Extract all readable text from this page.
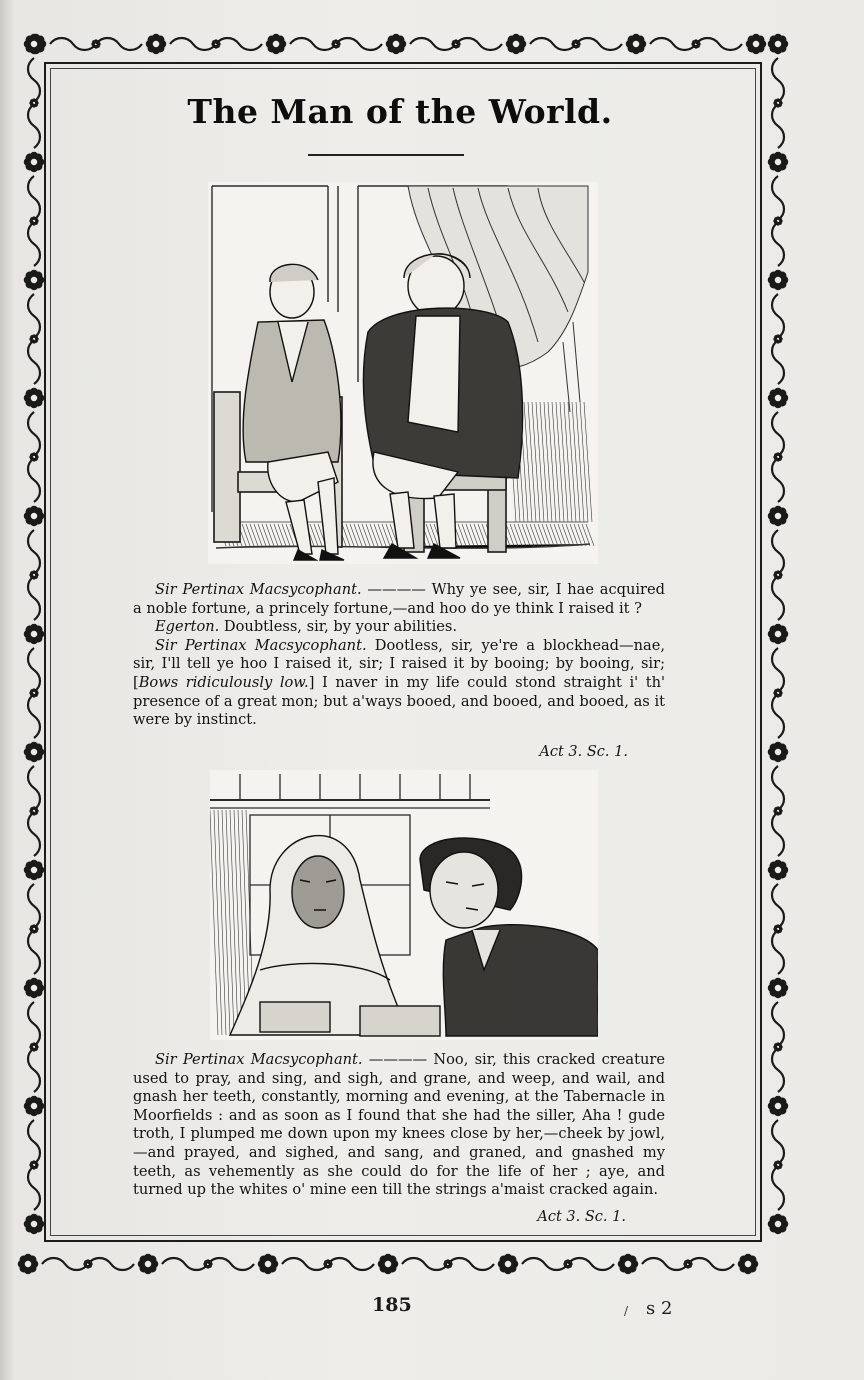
The Man of the World.

Sir Pertinax Macsycophant. ———— Why ye see, sir, I hae acquired a noble fortune, a princely fortune,—and hoo do ye think I raised it ?

Egerton. Doubtless, sir, by your abilities.

Sir Pertinax Macsycophant. Dootless, sir, ye're a blockhead—nae, sir, I'll tell ye hoo I raised it, sir; I raised it by booing; by booing, sir; [Bows ridiculously low.] I naver in my life could stond straight i' th' presence of a great mon; but a'ways booed, and booed, and booed, as it were by instinct.

Act 3. Sc. 1.

Sir Pertinax Macsycophant. ———— Noo, sir, this cracked creature used to pray, and sing, and sigh, and grane, and weep, and wail, and gnash her teeth, constantly, morning and evening, at the Tabernacle in Moorfields : and as soon as I found that she had the siller, Aha ! gude troth, I plumped me down upon my knees close by her,—cheek by jowl, —and prayed, and sighed, and sang, and graned, and gnashed my teeth, as vehemently as she could do for the life of her ; aye, and turned up the whites o' mine een till the strings a'maist cracked again.

Act 3. Sc. 1.
185	/ s 2
